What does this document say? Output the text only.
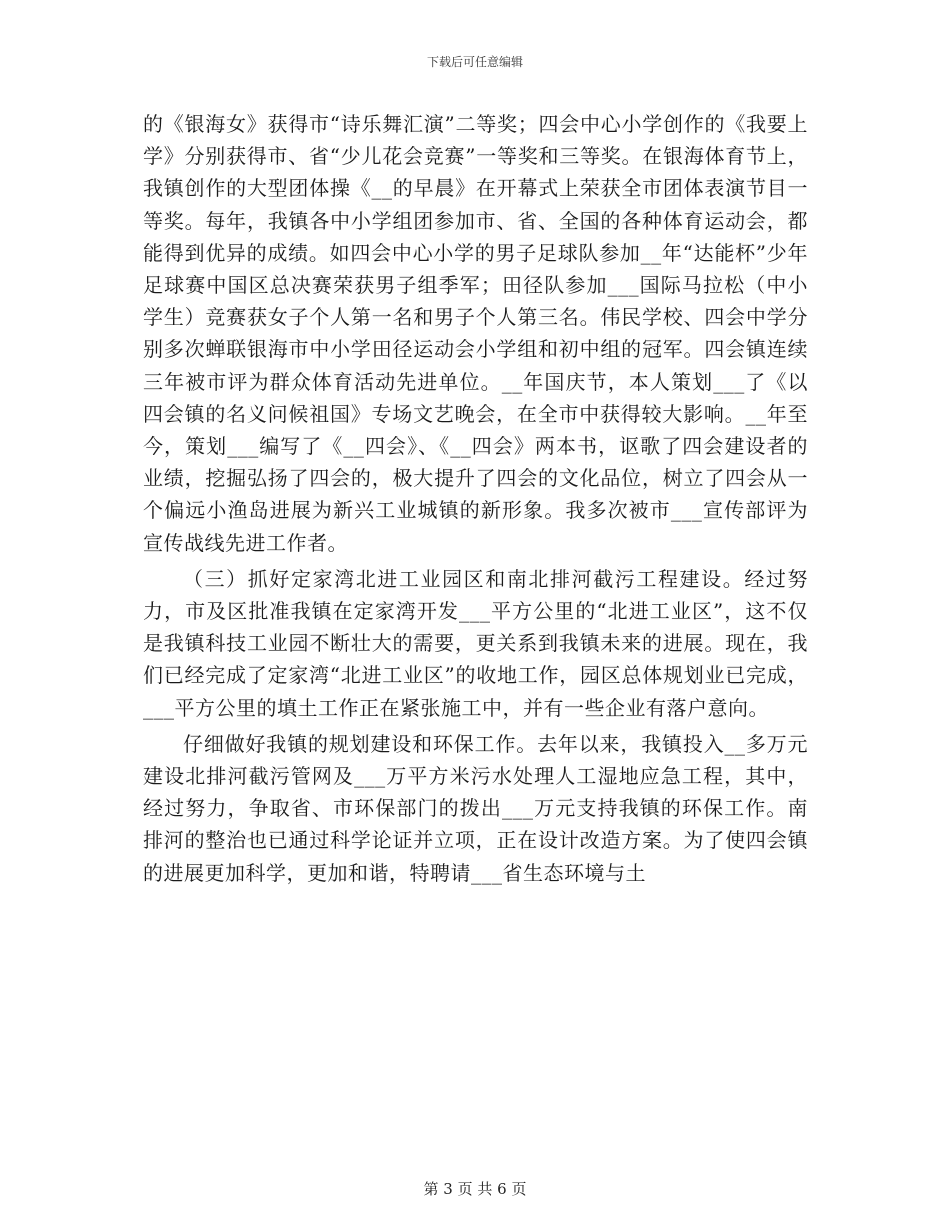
下载后可任意编辑

的《银海女》获得市“诗乐舞汇演”二等奖；四会中心小学创作的《我要上学》分别获得市、省“少儿花会竞赛”一等奖和三等奖。在银海体育节上，我镇创作的大型团体操《__的早晨》在开幕式上荣获全市团体表演节目一等奖。每年，我镇各中小学组团参加市、省、全国的各种体育运动会，都能得到优异的成绩。如四会中心小学的男子足球队参加__年“达能杯”少年足球赛中国区总决赛荣获男子组季军；田径队参加___国际马拉松（中小学生）竞赛获女子个人第一名和男子个人第三名。伟民学校、四会中学分别多次蝉联银海市中小学田径运动会小学组和初中组的冠军。四会镇连续三年被市评为群众体育活动先进单位。__年国庆节，本人策划___了《以四会镇的名义问候祖国》专场文艺晚会，在全市中获得较大影响。__年至今，策划___编写了《__四会》、《__四会》两本书，讴歌了四会建设者的业绩，挖掘弘扬了四会的，极大提升了四会的文化品位，树立了四会从一个偏远小渔岛进展为新兴工业城镇的新形象。我多次被市___宣传部评为宣传战线先进工作者。

（三）抓好定家湾北进工业园区和南北排河截污工程建设。经过努力，市及区批准我镇在定家湾开发___平方公里的“北进工业区”，这不仅是我镇科技工业园不断壮大的需要，更关系到我镇未来的进展。现在，我们已经完成了定家湾“北进工业区”的收地工作，园区总体规划业已完成，___平方公里的填土工作正在紧张施工中，并有一些企业有落户意向。

仔细做好我镇的规划建设和环保工作。去年以来，我镇投入__多万元建设北排河截污管网及___万平方米污水处理人工湿地应急工程，其中，经过努力，争取省、市环保部门的拨出___万元支持我镇的环保工作。南排河的整治也已通过科学论证并立项，正在设计改造方案。为了使四会镇的进展更加科学，更加和谐，特聘请___省生态环境与土

第 3 页 共 6 页
